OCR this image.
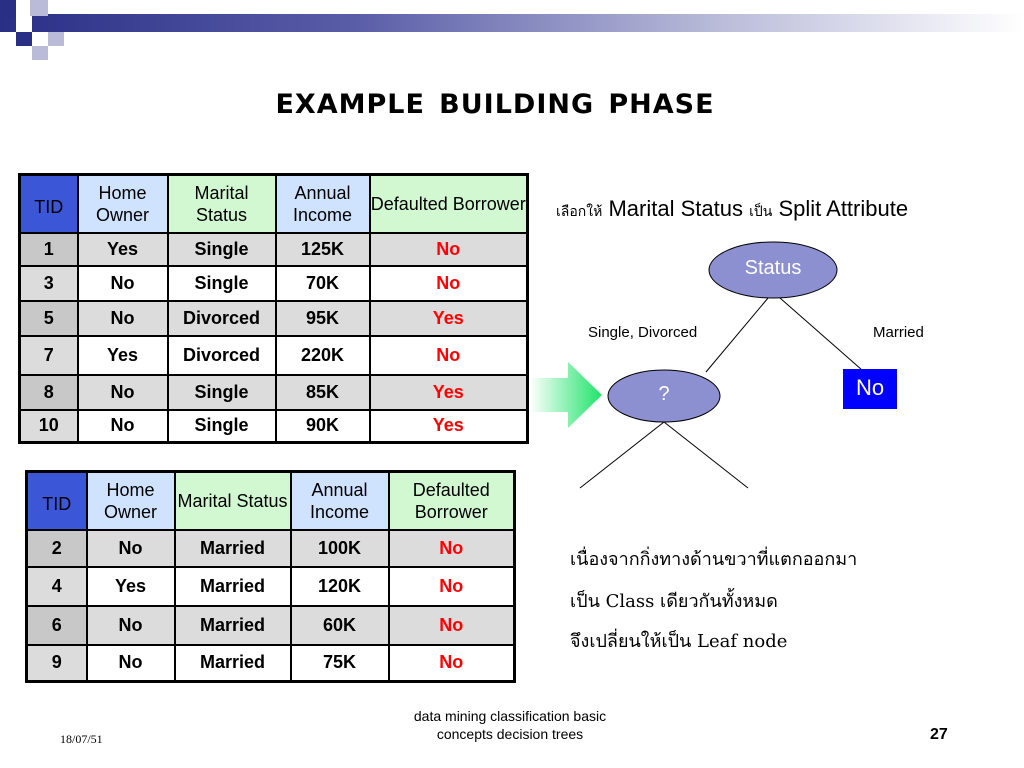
example building phase
TID	Home Owner	Marital Status	Annual Income	Defaulted Borrower
1	Yes	Single	125K	No
3	No	Single	70K	No
5	No	Divorced	95K	Yes
7	Yes	Divorced	220K	No
8	No	Single	85K	Yes
10	No	Single	90K	Yes
TID	Home Owner	Marital Status	Annual Income	Defaulted Borrower
2	No	Married	100K	No
4	Yes	Married	120K	No
6	No	Married	60K	No
9	No	Married	75K	No
เลือกให้ Marital Status เป็น Split Attribute
Status
?
Single, Divorced	Married
No
เนื่องจากกิ่งทางด้านขวาที่แตกออกมา
เป็น Class เดียวกันทั้งหมด
จึงเปลี่ยนให้เป็น Leaf node
18/07/51
data mining classification basic
concepts decision trees	27
